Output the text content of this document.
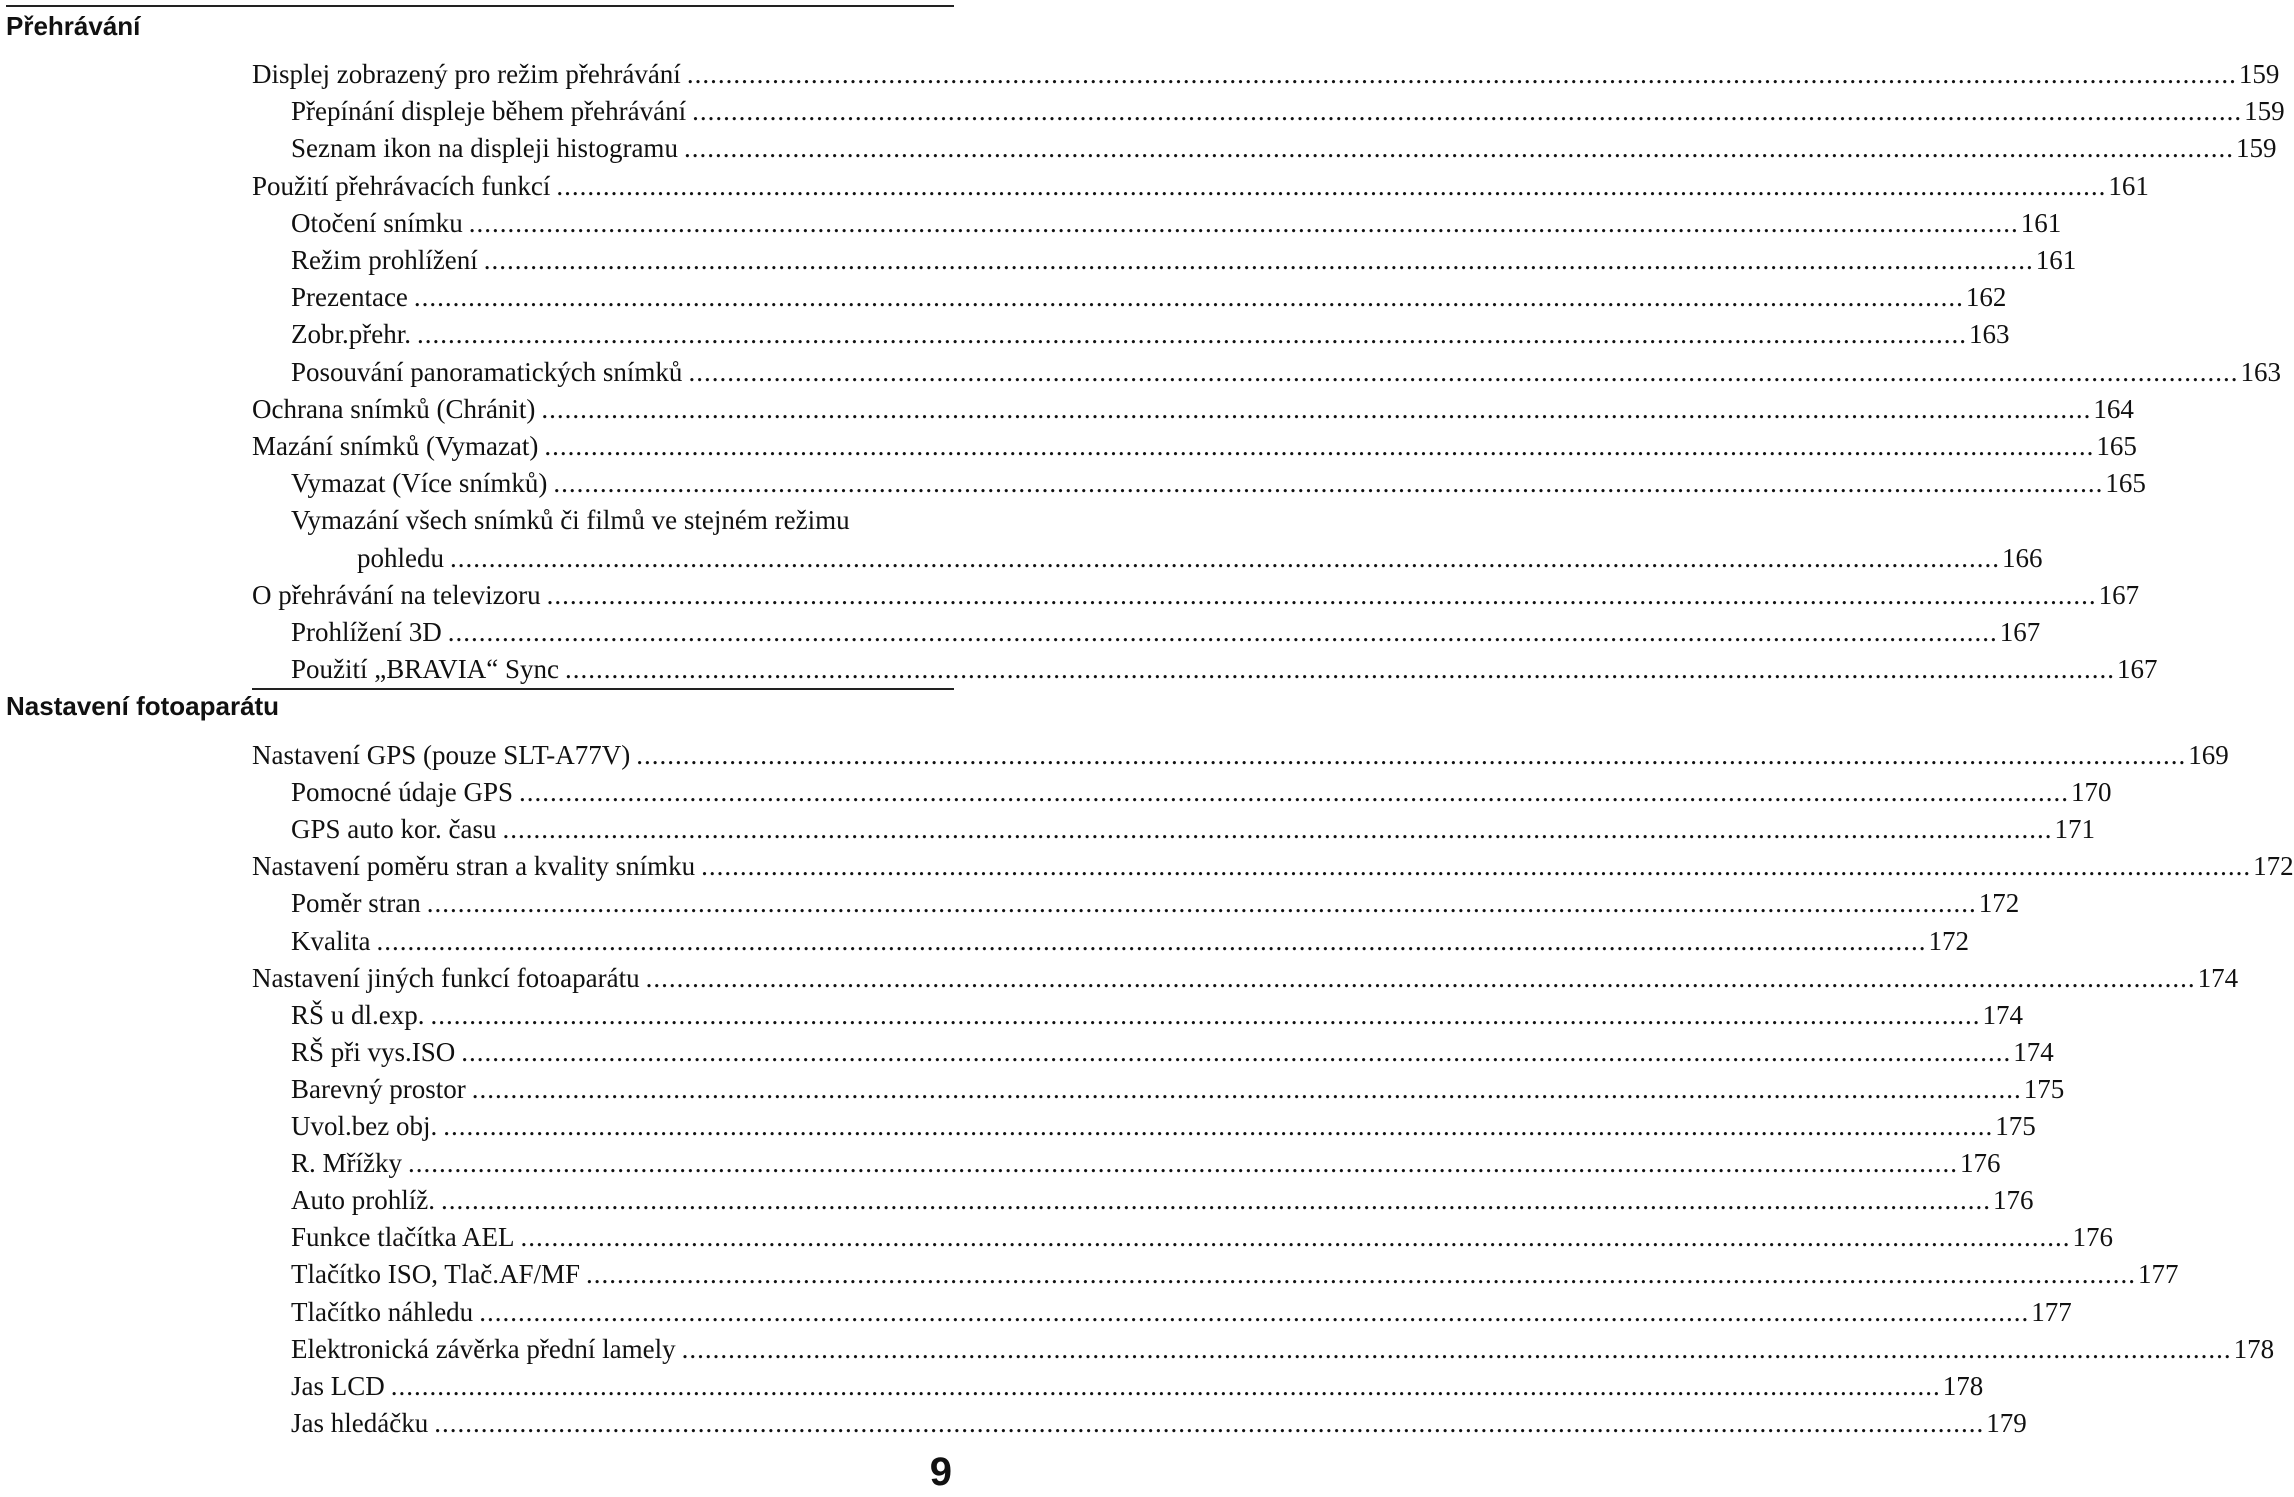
Přehrávání
Displej zobrazený pro režim přehrávání ........................................................................................................................................................................................................ 159
Přepínání displeje během přehrávání ........................................................................................................................................................................................................ 159
Seznam ikon na displeji histogramu ........................................................................................................................................................................................................ 159
Použití přehrávacích funkcí ........................................................................................................................................................................................................ 161
Otočení snímku ........................................................................................................................................................................................................ 161
Režim prohlížení ........................................................................................................................................................................................................ 161
Prezentace ........................................................................................................................................................................................................ 162
Zobr.přehr. ........................................................................................................................................................................................................ 163
Posouvání panoramatických snímků ........................................................................................................................................................................................................ 163
Ochrana snímků (Chránit) ........................................................................................................................................................................................................ 164
Mazání snímků (Vymazat) ........................................................................................................................................................................................................ 165
Vymazat (Více snímků) ........................................................................................................................................................................................................ 165
Vymazání všech snímků či filmů ve stejném režimu
pohledu ........................................................................................................................................................................................................ 166
O přehrávání na televizoru ........................................................................................................................................................................................................ 167
Prohlížení 3D ........................................................................................................................................................................................................ 167
Použití „BRAVIA“ Sync ........................................................................................................................................................................................................ 167
Nastavení fotoaparátu
Nastavení GPS (pouze SLT-A77V) ........................................................................................................................................................................................................ 169
Pomocné údaje GPS ........................................................................................................................................................................................................ 170
GPS auto kor. času ........................................................................................................................................................................................................ 171
Nastavení poměru stran a kvality snímku ........................................................................................................................................................................................................ 172
Poměr stran ........................................................................................................................................................................................................ 172
Kvalita ........................................................................................................................................................................................................ 172
Nastavení jiných funkcí fotoaparátu ........................................................................................................................................................................................................ 174
RŠ u dl.exp. ........................................................................................................................................................................................................ 174
RŠ při vys.ISO ........................................................................................................................................................................................................ 174
Barevný prostor ........................................................................................................................................................................................................ 175
Uvol.bez obj. ........................................................................................................................................................................................................ 175
R. Mřížky ........................................................................................................................................................................................................ 176
Auto prohlíž. ........................................................................................................................................................................................................ 176
Funkce tlačítka AEL ........................................................................................................................................................................................................ 176
Tlačítko ISO, Tlač.AF/MF ........................................................................................................................................................................................................ 177
Tlačítko náhledu ........................................................................................................................................................................................................ 177
Elektronická závěrka přední lamely ........................................................................................................................................................................................................ 178
Jas LCD ........................................................................................................................................................................................................ 178
Jas hledáčku ........................................................................................................................................................................................................ 179
9
